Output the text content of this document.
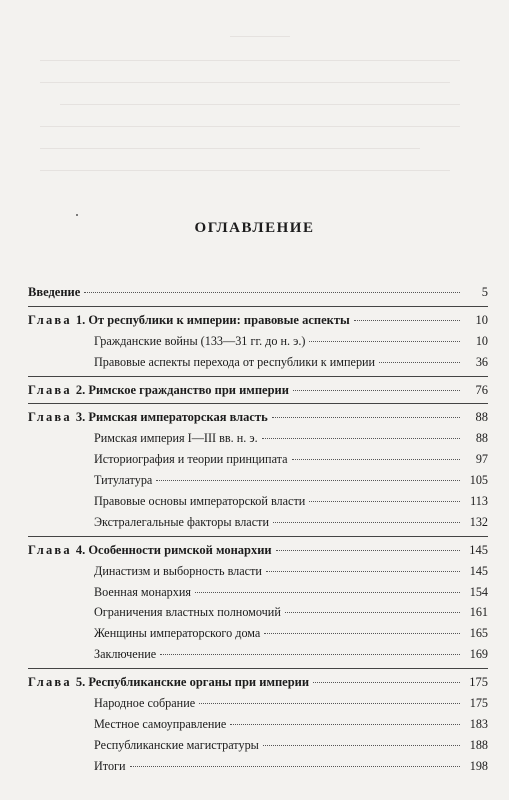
ОГЛАВЛЕНИЕ
Введение	5
Глава 1. От республики к империи: правовые аспекты	10
Гражданские войны (133—31 гг. до н. э.)	10
Правовые аспекты перехода от республики к империи	36
Глава 2. Римское гражданство при империи	76
Глава 3. Римская императорская власть	88
Римская империя I—III вв. н. э.	88
Историография и теории принципата	97
Титулатура	105
Правовые основы императорской власти	113
Экстралегальные факторы власти	132
Глава 4. Особенности римской монархии	145
Династизм и выборность власти	145
Военная монархия	154
Ограничения властных полномочий	161
Женщины императорского дома	165
Заключение	169
Глава 5. Республиканские органы при империи	175
Народное собрание	175
Местное самоуправление	183
Республиканские магистратуры	188
Итоги	198
